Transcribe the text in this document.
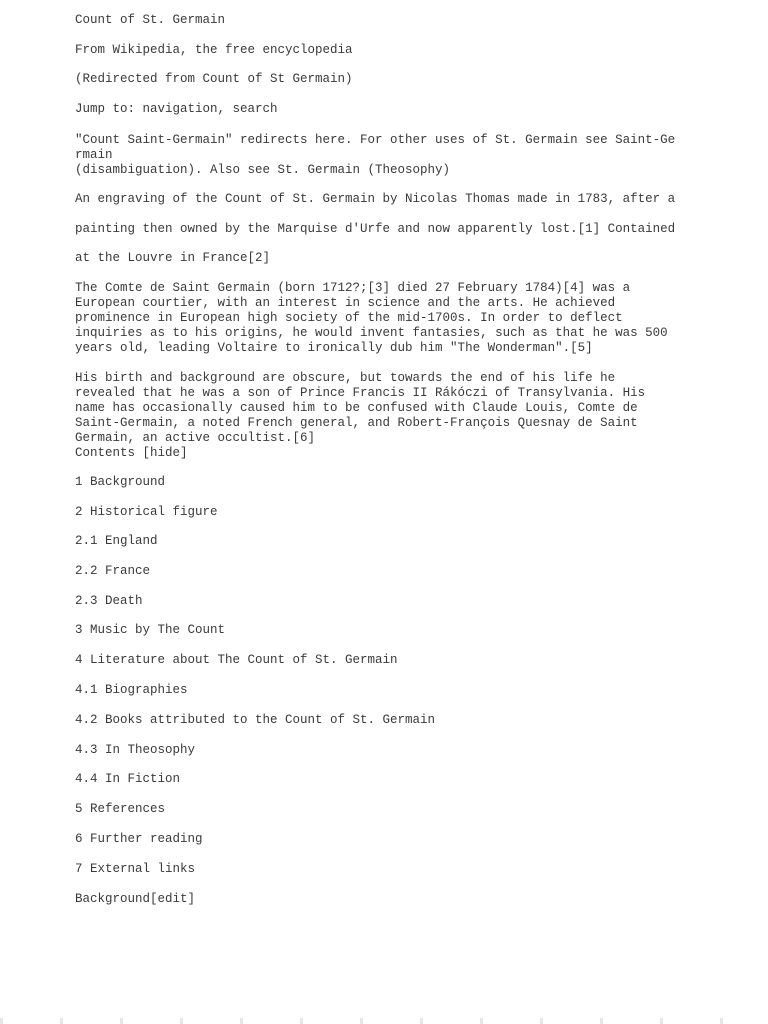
Count of St. Germain

From Wikipedia, the free encyclopedia

(Redirected from Count of St Germain)

Jump to: navigation, search

"Count Saint-Germain" redirects here. For other uses of St. Germain see Saint-Ge
rmain
(disambiguation). Also see St. Germain (Theosophy)

An engraving of the Count of St. Germain by Nicolas Thomas made in 1783, after a

painting then owned by the Marquise d'Urfe and now apparently lost.[1] Contained

at the Louvre in France[2]

The Comte de Saint Germain (born 1712?;[3] died 27 February 1784)[4] was a
European courtier, with an interest in science and the arts. He achieved
prominence in European high society of the mid-1700s. In order to deflect
inquiries as to his origins, he would invent fantasies, such as that he was 500
years old, leading Voltaire to ironically dub him "The Wonderman".[5]
His birth and background are obscure, but towards the end of his life he
revealed that he was a son of Prince Francis II Rákóczi of Transylvania. His
name has occasionally caused him to be confused with Claude Louis, Comte de
Saint-Germain, a noted French general, and Robert-François Quesnay de Saint
Germain, an active occultist.[6]
Contents [hide]

1 Background

2 Historical figure

2.1 England

2.2 France

2.3 Death

3 Music by The Count

4 Literature about The Count of St. Germain

4.1 Biographies

4.2 Books attributed to the Count of St. Germain

4.3 In Theosophy

4.4 In Fiction

5 References

6 Further reading

7 External links

Background[edit]
